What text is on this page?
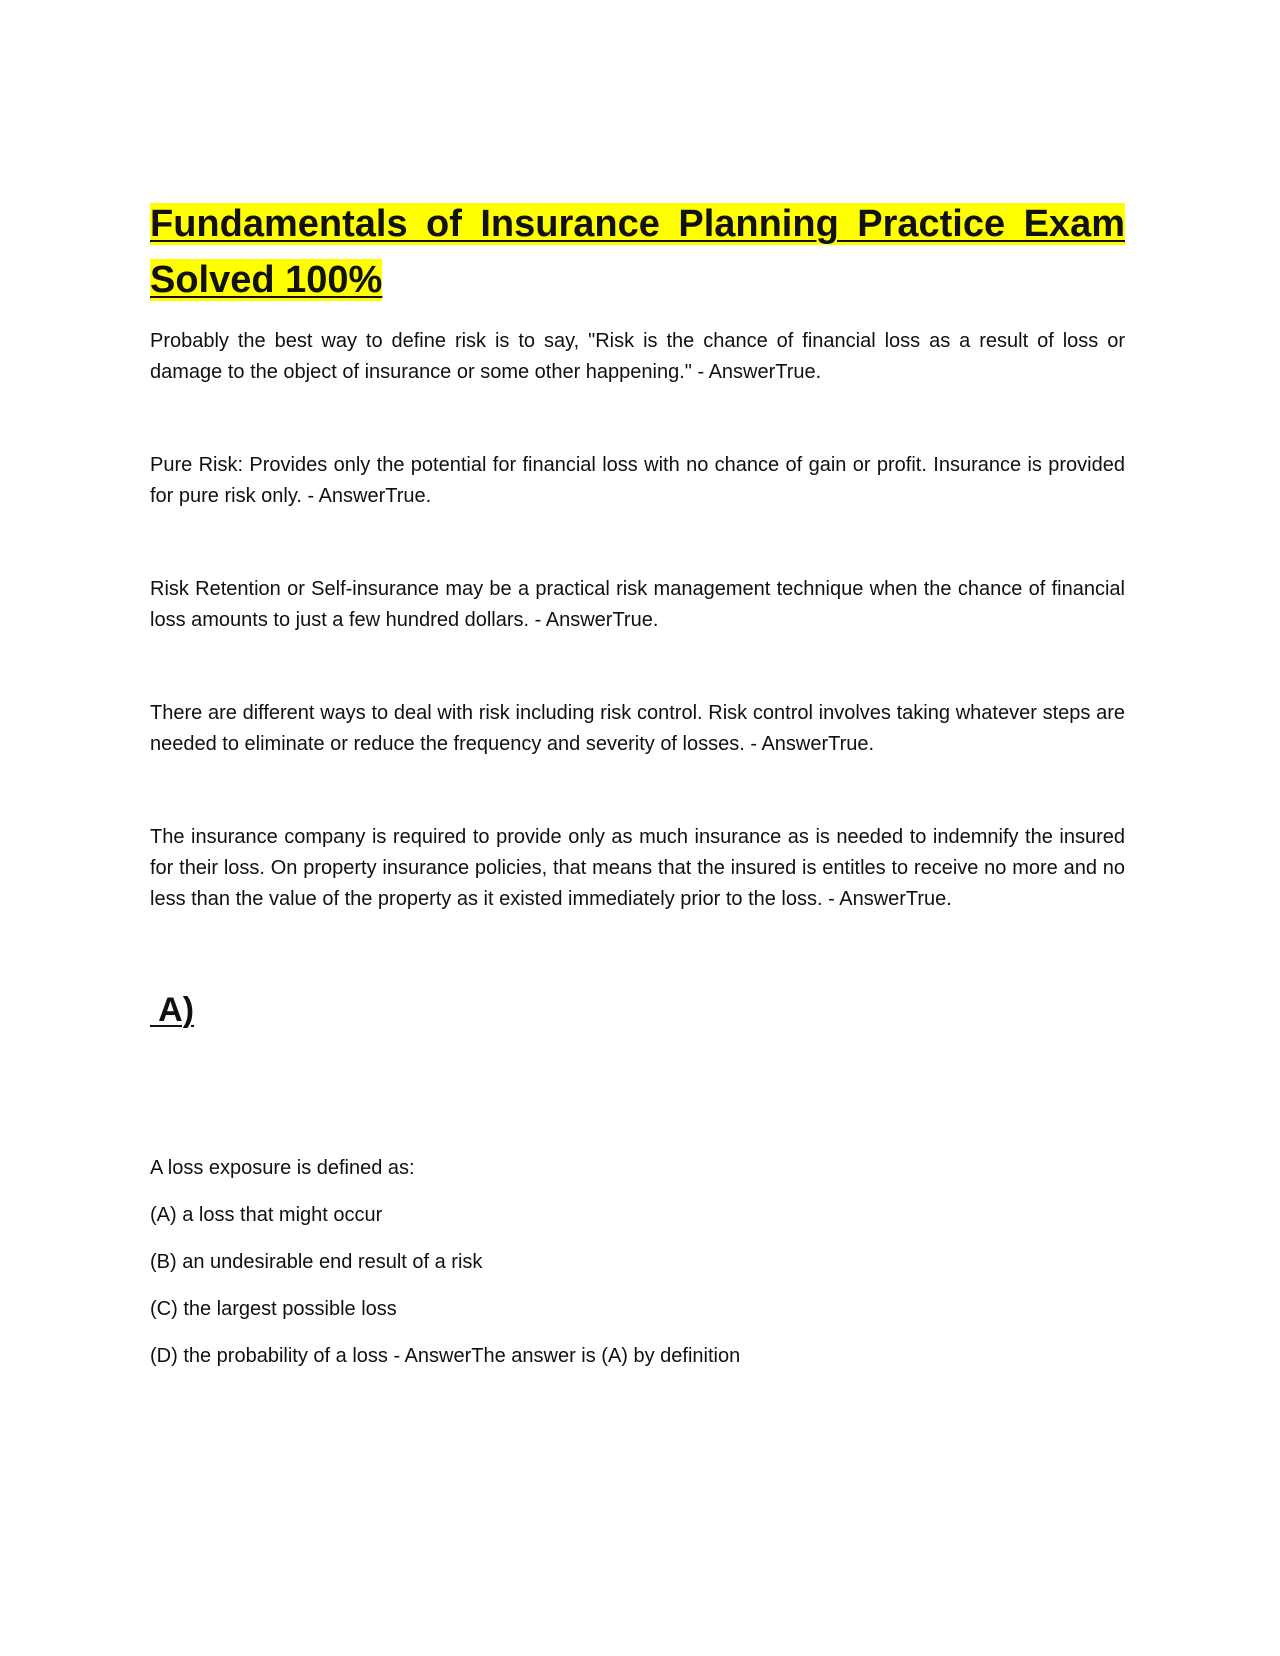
Fundamentals of Insurance Planning Practice Exam Solved 100%

Probably the best way to define risk is to say, "Risk is the chance of financial loss as a result of loss or damage to the object of insurance or some other happening." - AnswerTrue.

Pure Risk: Provides only the potential for financial loss with no chance of gain or profit. Insurance is provided for pure risk only. - AnswerTrue.

Risk Retention or Self-insurance may be a practical risk management technique when the chance of financial loss amounts to just a few hundred dollars. - AnswerTrue.

There are different ways to deal with risk including risk control. Risk control involves taking whatever steps are needed to eliminate or reduce the frequency and severity of losses. - AnswerTrue.

The insurance company is required to provide only as much insurance as is needed to indemnify the insured for their loss. On property insurance policies, that means that the insured is entitles to receive no more and no less than the value of the property as it existed immediately prior to the loss. - AnswerTrue.

A)

A loss exposure is defined as:

(A) a loss that might occur

(B) an undesirable end result of a risk

(C) the largest possible loss

(D) the probability of a loss - AnswerThe answer is (A) by definition
